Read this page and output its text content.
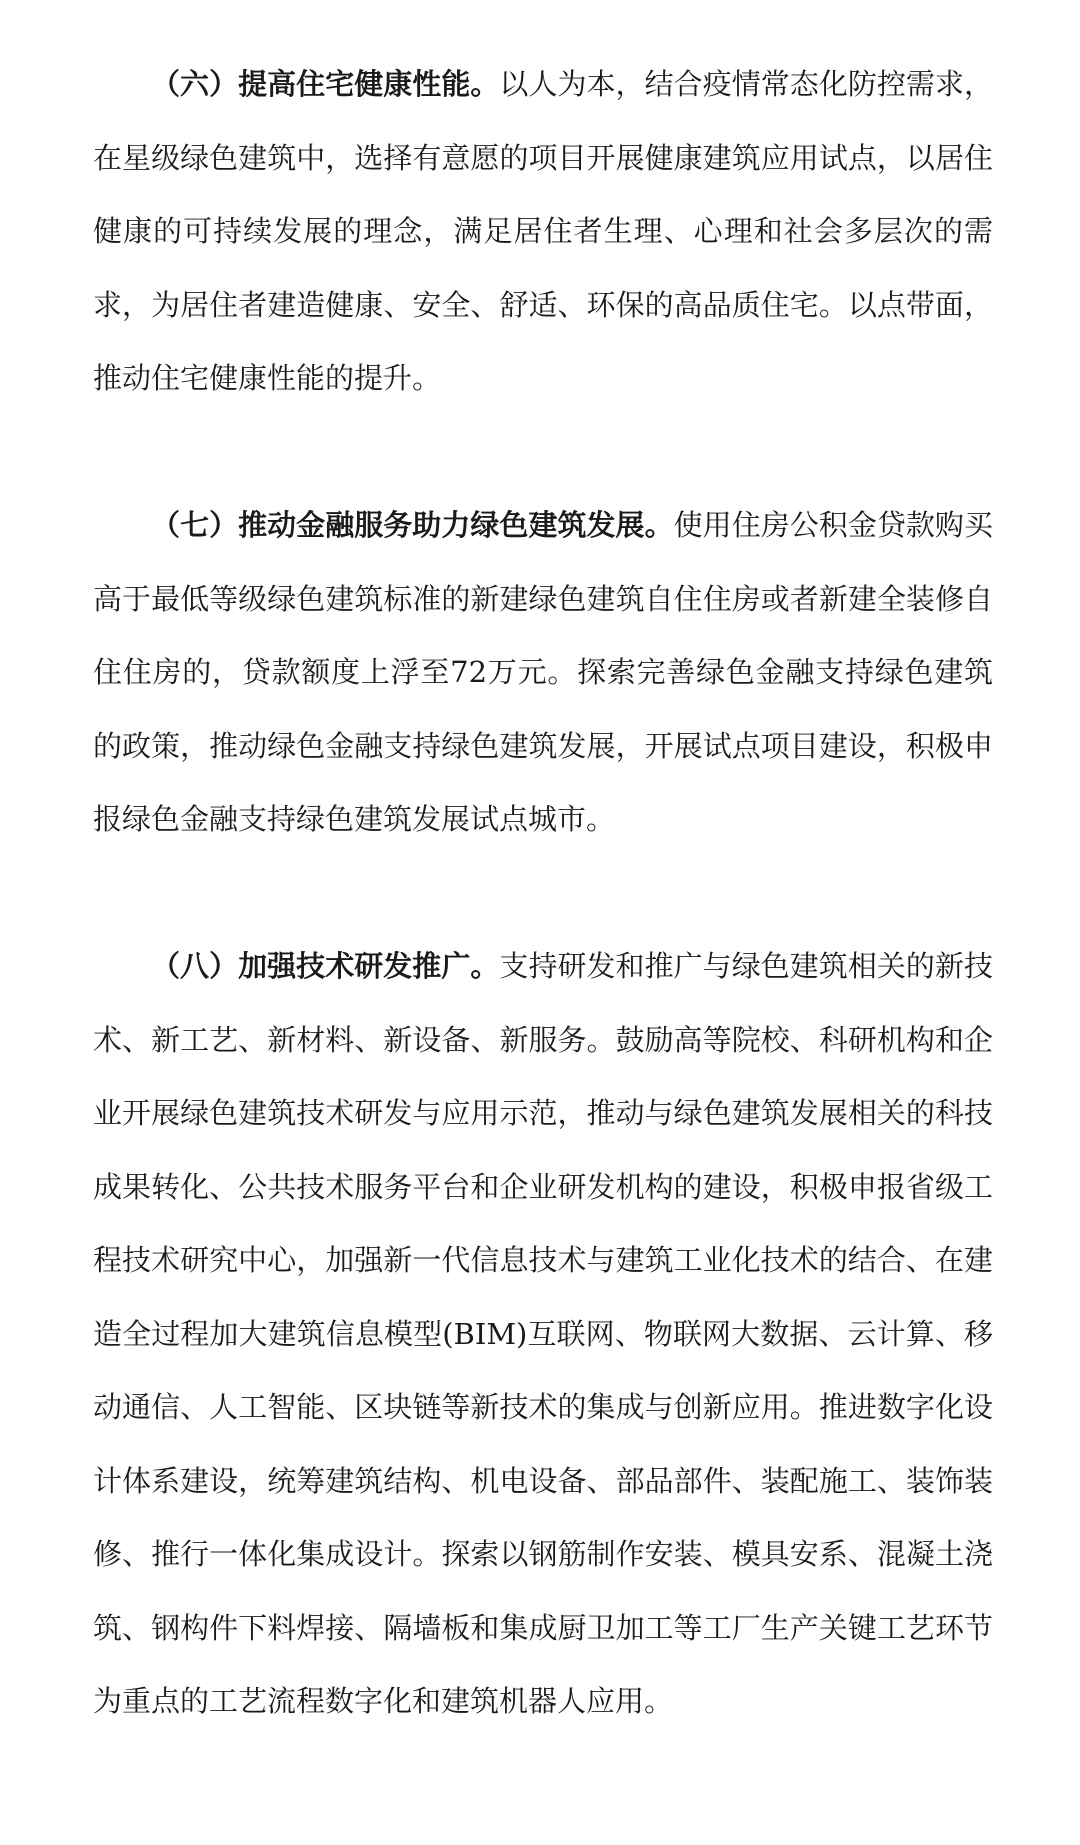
（六）提高住宅健康性能。以人为本，结合疫情常态化防控需求，在星级绿色建筑中，选择有意愿的项目开展健康建筑应用试点，以居住健康的可持续发展的理念，满足居住者生理、心理和社会多层次的需求，为居住者建造健康、安全、舒适、环保的高品质住宅。以点带面，推动住宅健康性能的提升。

（七）推动金融服务助力绿色建筑发展。使用住房公积金贷款购买高于最低等级绿色建筑标准的新建绿色建筑自住住房或者新建全装修自住住房的，贷款额度上浮至72万元。探索完善绿色金融支持绿色建筑的政策，推动绿色金融支持绿色建筑发展，开展试点项目建设，积极申报绿色金融支持绿色建筑发展试点城市。

（八）加强技术研发推广。支持研发和推广与绿色建筑相关的新技术、新工艺、新材料、新设备、新服务。鼓励高等院校、科研机构和企业开展绿色建筑技术研发与应用示范，推动与绿色建筑发展相关的科技成果转化、公共技术服务平台和企业研发机构的建设，积极申报省级工程技术研究中心，加强新一代信息技术与建筑工业化技术的结合、在建造全过程加大建筑信息模型(BIM)互联网、物联网大数据、云计算、移动通信、人工智能、区块链等新技术的集成与创新应用。推进数字化设计体系建设，统筹建筑结构、机电设备、部品部件、装配施工、装饰装修、推行一体化集成设计。探索以钢筋制作安装、模具安系、混凝土浇筑、钢构件下料焊接、隔墙板和集成厨卫加工等工厂生产关键工艺环节为重点的工艺流程数字化和建筑机器人应用。
